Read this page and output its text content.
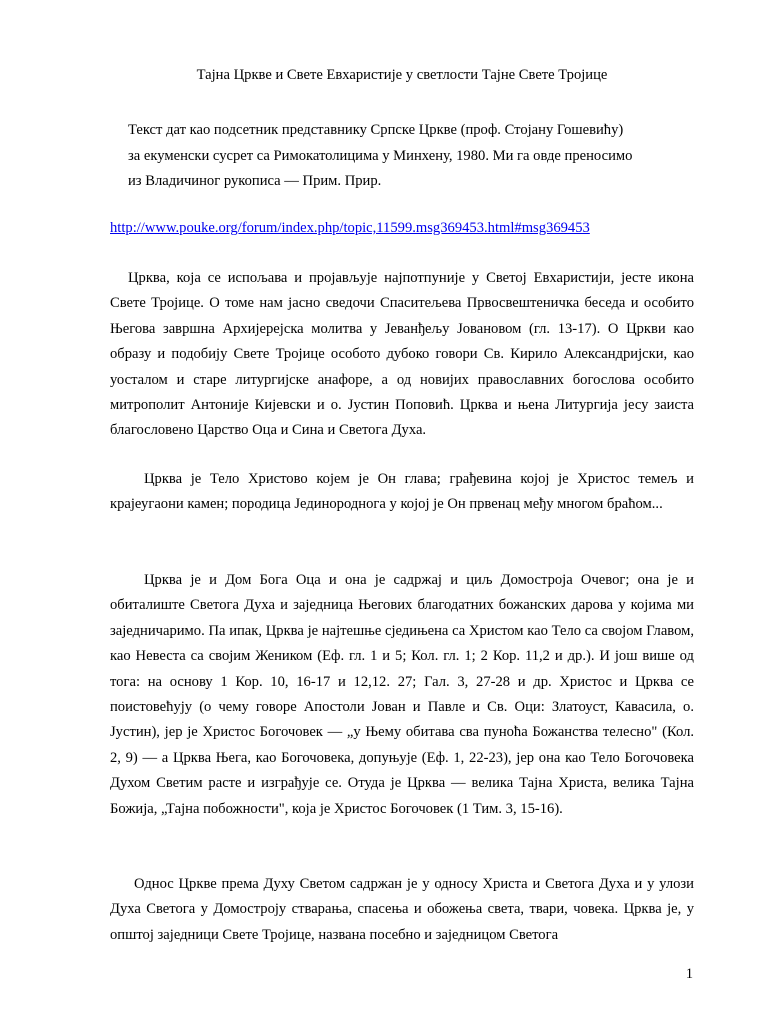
Тајна Цркве и Свете Евхаристије у светлости Тајне Свете Тројице
Текст дат као подсетник представнику Српске Цркве (проф. Стојану Гошевићу)
за екуменски сусрет са Римокатолицима у Минхену, 1980. Ми га овде преносимо
из Владичиног рукописа — Прим. Прир.
http://www.pouke.org/forum/index.php/topic,11599.msg369453.html#msg369453

Црква, која се испољава и пројављује најпотпуније у Светој Евхаристији, јесте икона Свете Тројице. О томе нам јасно сведочи Спаситељева Првосвештеничка беседа и особито Његова завршна Архијерејска молитва у Јеванђељу Јовановом (гл. 13-17). О Цркви као образу и подобију Свете Тројице особото дубоко говори Св. Кирило Александријски, као уосталом и старе литургијске анафоре, а од новијих православних богослова особито митрополит Антоније Кијевски и о. Јустин Поповић. Црква и њена Литургија јесу заиста благословено Царство Оца и Сина и Светога Духа.

Црква је Тело Христово којем је Он глава; грађевина којој је Христос темељ и крајеугаони камен; породица Јединороднога у којој је Он првенац међу многом браћом...

Црква је и Дом Бога Оца и она је садржај и циљ Домостроја Очевог; она је и обиталиште Светога Духа и заједница Његових благодатних божанских дарова у којима ми заједничаримо. Па ипак, Црква је најтешње сједињена са Христом као Тело са својом Главом, као Невеста са својим Жеником (Еф. гл. 1 и 5; Кол. гл. 1; 2 Кор. 11,2 и др.). И још више од тога: на основу 1 Кор. 10, 16-17 и 12,12. 27; Гал. 3, 27-28 и др. Христос и Црква се поистовећују (о чему говоре Апостоли Јован и Павле и Св. Оци: Златоуст, Кавасила, о. Јустин), јер је Христос Богочовек — „у Њему обитава сва пуноћа Божанства телесно" (Кол. 2, 9) — а Црква Њега, као Богочовека, допуњује (Еф. 1, 22-23), јер она као Тело Богочовека Духом Светим расте и изграђује се. Отуда је Црква — велика Тајна Христа, велика Тајна Божија, „Тајна побожности", која је Христос Богочовек (1 Тим. 3, 15-16).

Однос Цркве према Духу Светом садржан је у односу Христа и Светога Духа и у улози Духа Светога у Домостроју стварања, спасења и обожења света, твари, човека. Црква је, у општој заједници Свете Тројице, названа посебно и заједницом Светога

1
